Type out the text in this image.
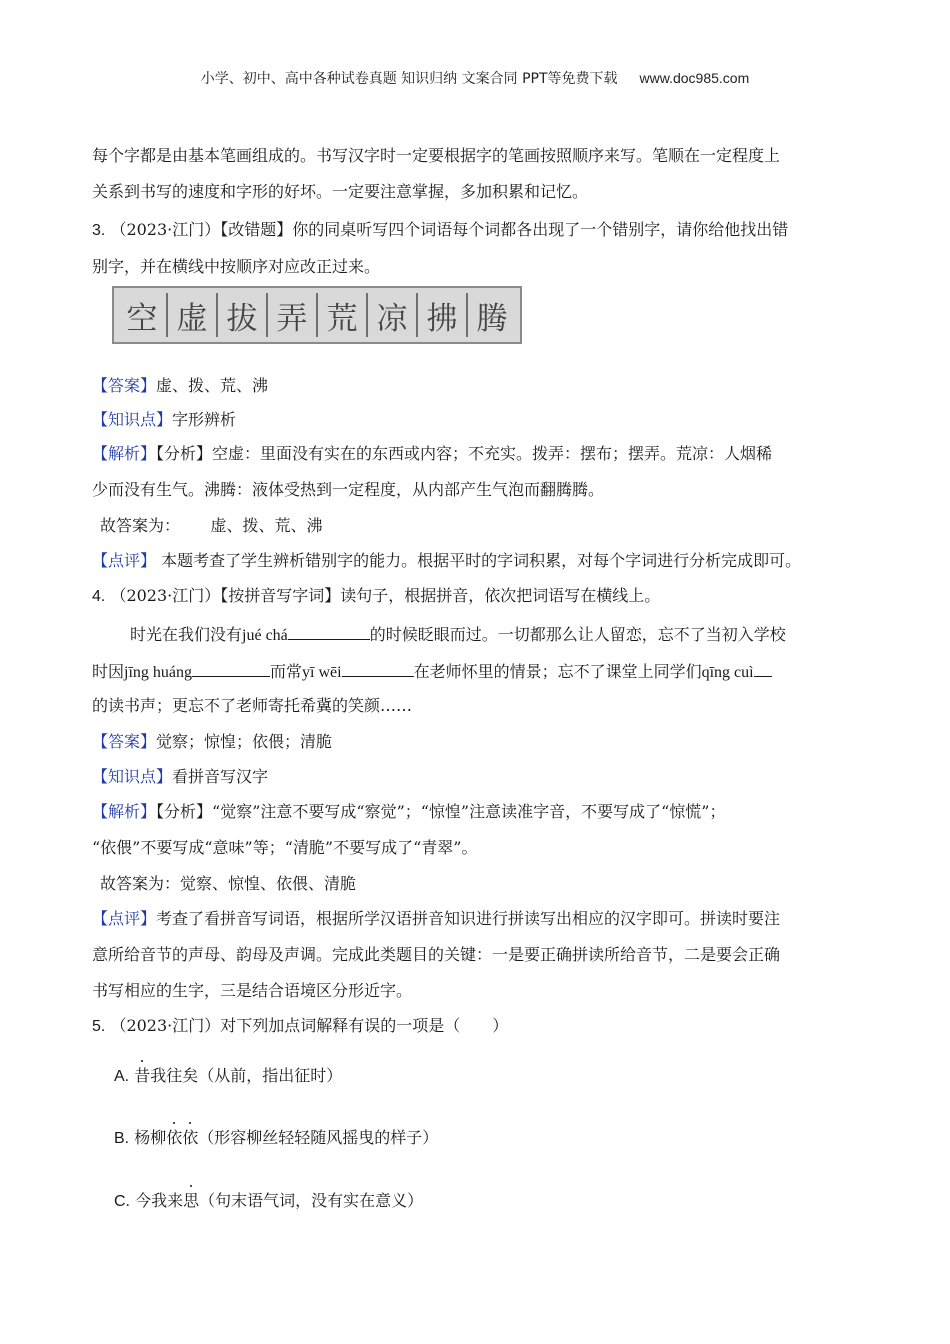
小学、初中、高中各种试卷真题 知识归纳 文案合同 PPT等免费下载 www.doc985.com
每个字都是由基本笔画组成的。书写汉字时一定要根据字的笔画按照顺序来写。笔顺在一定程度上
关系到书写的速度和字形的好坏。一定要注意掌握，多加积累和记忆。
3. （2023·江门）【改错题】你的同桌听写四个词语每个词都各出现了一个错别字，请你给他找出错
别字，并在横线中按顺序对应改正过来。
空 虚 拔 弄 荒 凉 拂 腾
【答案】虚、拨、荒、沸
【知识点】字形辨析
【解析】【分析】空虚：里面没有实在的东西或内容；不充实。拨弄：摆布；摆弄。荒凉：人烟稀
少而没有生气。沸腾：液体受热到一定程度，从内部产生气泡而翻腾腾。
故答案为： 虚、拨、荒、沸
【点评】 本题考查了学生辨析错别字的能力。根据平时的字词积累，对每个字词进行分析完成即可。
4. （2023·江门）【按拼音写字词】读句子，根据拼音，依次把词语写在横线上。
时光在我们没有jué chá	的时候眨眼而过。一切都那么让人留恋，忘不了当初入学校
时因jīng huáng	而常yī wēi	在老师怀里的情景；忘不了课堂上同学们qīng cuì
的读书声；更忘不了老师寄托希冀的笑颜……
【答案】觉察；惊惶；依偎；清脆
【知识点】看拼音写汉字
【解析】【分析】“觉察”注意不要写成“察觉”；“惊惶”注意读准字音，不要写成了“惊慌”；
“依偎”不要写成“意味”等；“清脆”不要写成了“青翠”。
故答案为：觉察、惊惶、依偎、清脆
【点评】考查了看拼音写词语，根据所学汉语拼音知识进行拼读写出相应的汉字即可。拼读时要注
意所给音节的声母、韵母及声调。完成此类题目的关键：一是要正确拼读所给音节，二是要会正确
书写相应的生字，三是结合语境区分形近字。
5. （2023·江门）对下列加点词解释有误的一项是（　　）
A. 昔我往矣（从前，指出征时）
B. 杨柳依依（形容柳丝轻轻随风摇曳的样子）
C. 今我来思（句末语气词，没有实在意义）
